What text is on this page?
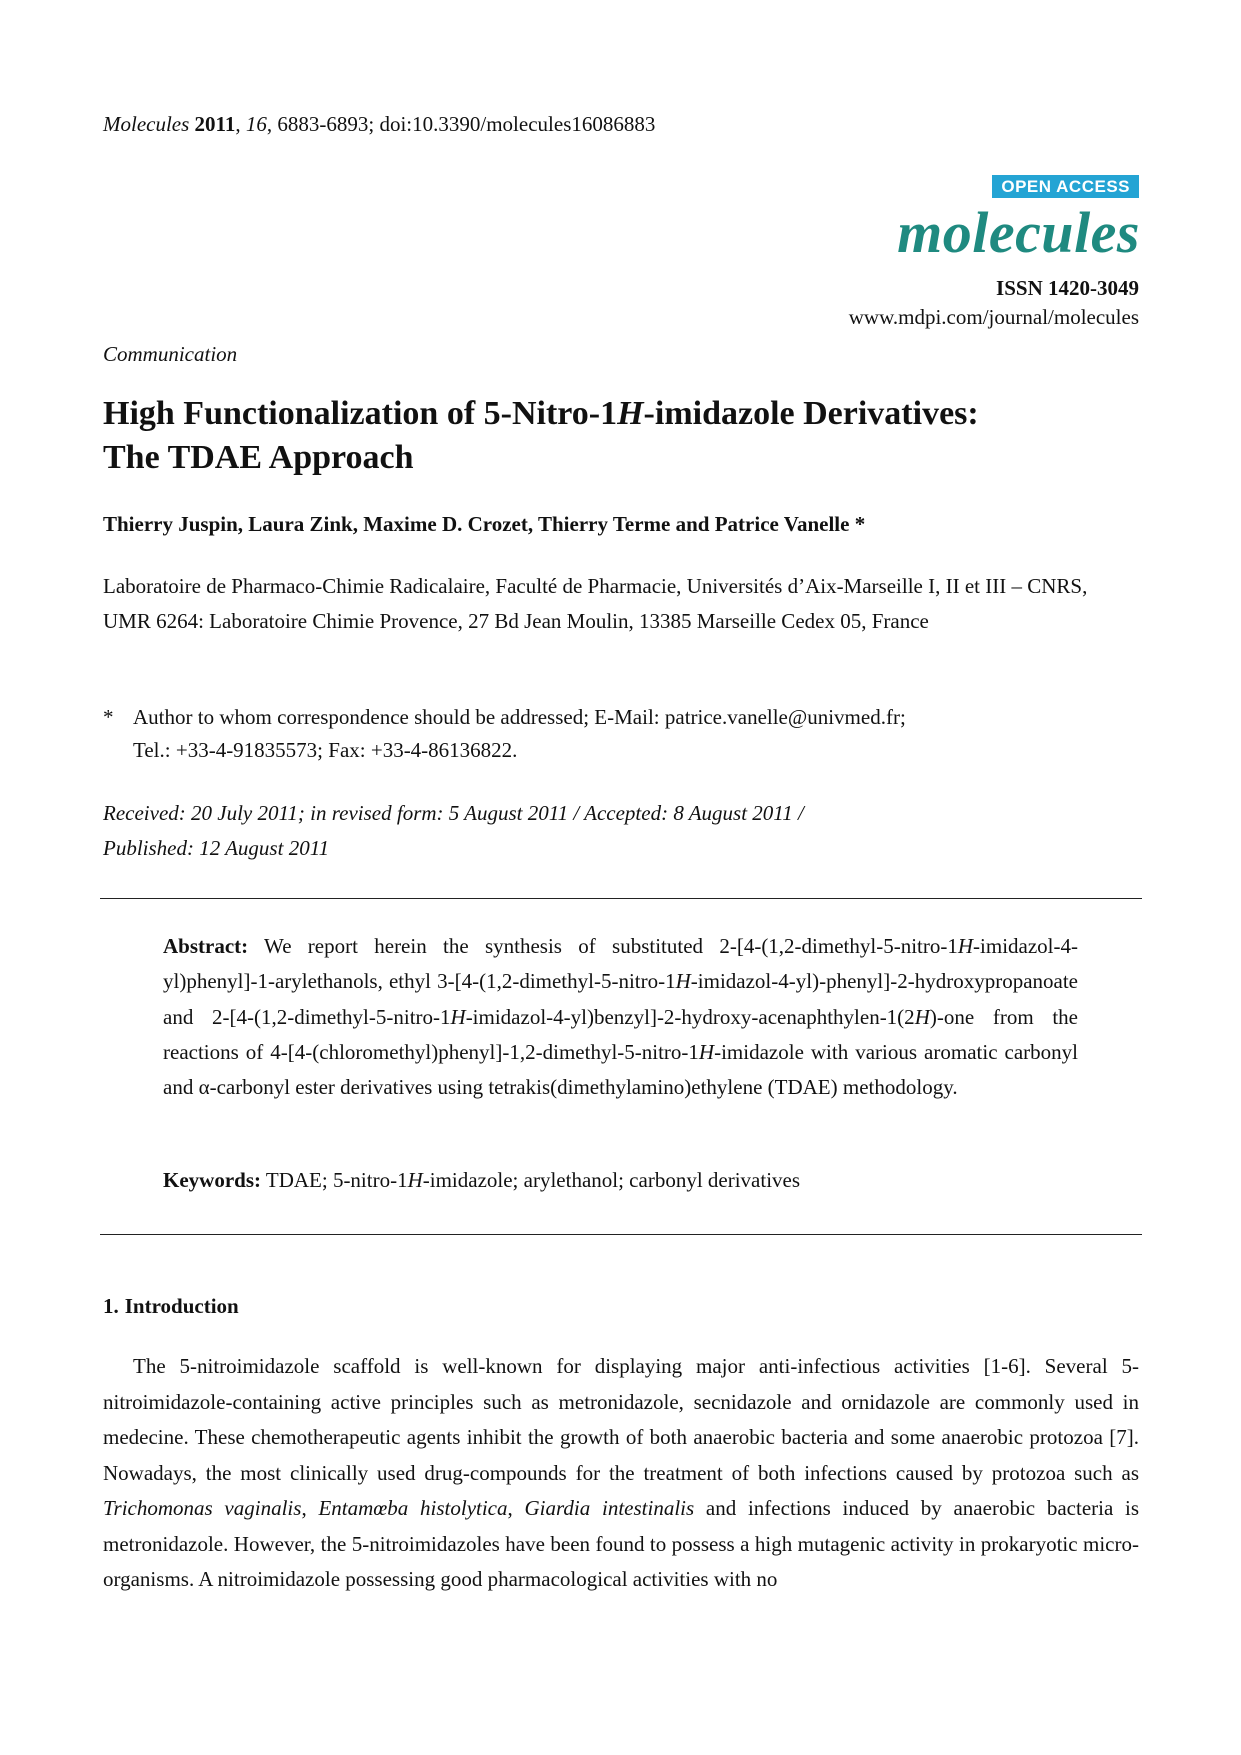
Molecules 2011, 16, 6883-6893; doi:10.3390/molecules16086883
OPEN ACCESS
molecules
ISSN 1420-3049
www.mdpi.com/journal/molecules
Communication
High Functionalization of 5-Nitro-1H-imidazole Derivatives:
The TDAE Approach
Thierry Juspin, Laura Zink, Maxime D. Crozet, Thierry Terme and Patrice Vanelle *
Laboratoire de Pharmaco-Chimie Radicalaire, Faculté de Pharmacie, Universités d’Aix-Marseille I, II et III – CNRS, UMR 6264: Laboratoire Chimie Provence, 27 Bd Jean Moulin, 13385 Marseille Cedex 05, France
* Author to whom correspondence should be addressed; E-Mail: patrice.vanelle@univmed.fr;
Tel.: +33-4-91835573; Fax: +33-4-86136822.
Received: 20 July 2011; in revised form: 5 August 2011 / Accepted: 8 August 2011 /
Published: 12 August 2011
Abstract: We report herein the synthesis of substituted 2-[4-(1,2-dimethyl-5-nitro-1H-imidazol-4-yl)phenyl]-1-arylethanols, ethyl 3-[4-(1,2-dimethyl-5-nitro-1H-imidazol-4-yl)-phenyl]-2-hydroxypropanoate and 2-[4-(1,2-dimethyl-5-nitro-1H-imidazol-4-yl)benzyl]-2-hydroxy-acenaphthylen-1(2H)-one from the reactions of 4-[4-(chloromethyl)phenyl]-1,2-dimethyl-5-nitro-1H-imidazole with various aromatic carbonyl and α-carbonyl ester derivatives using tetrakis(dimethylamino)ethylene (TDAE) methodology.
Keywords: TDAE; 5-nitro-1H-imidazole; arylethanol; carbonyl derivatives
1. Introduction
The 5-nitroimidazole scaffold is well-known for displaying major anti-infectious activities [1-6]. Several 5-nitroimidazole-containing active principles such as metronidazole, secnidazole and ornidazole are commonly used in medecine. These chemotherapeutic agents inhibit the growth of both anaerobic bacteria and some anaerobic protozoa [7]. Nowadays, the most clinically used drug-compounds for the treatment of both infections caused by protozoa such as Trichomonas vaginalis, Entamœba histolytica, Giardia intestinalis and infections induced by anaerobic bacteria is metronidazole. However, the 5-nitroimidazoles have been found to possess a high mutagenic activity in prokaryotic micro-organisms. A nitroimidazole possessing good pharmacological activities with no
